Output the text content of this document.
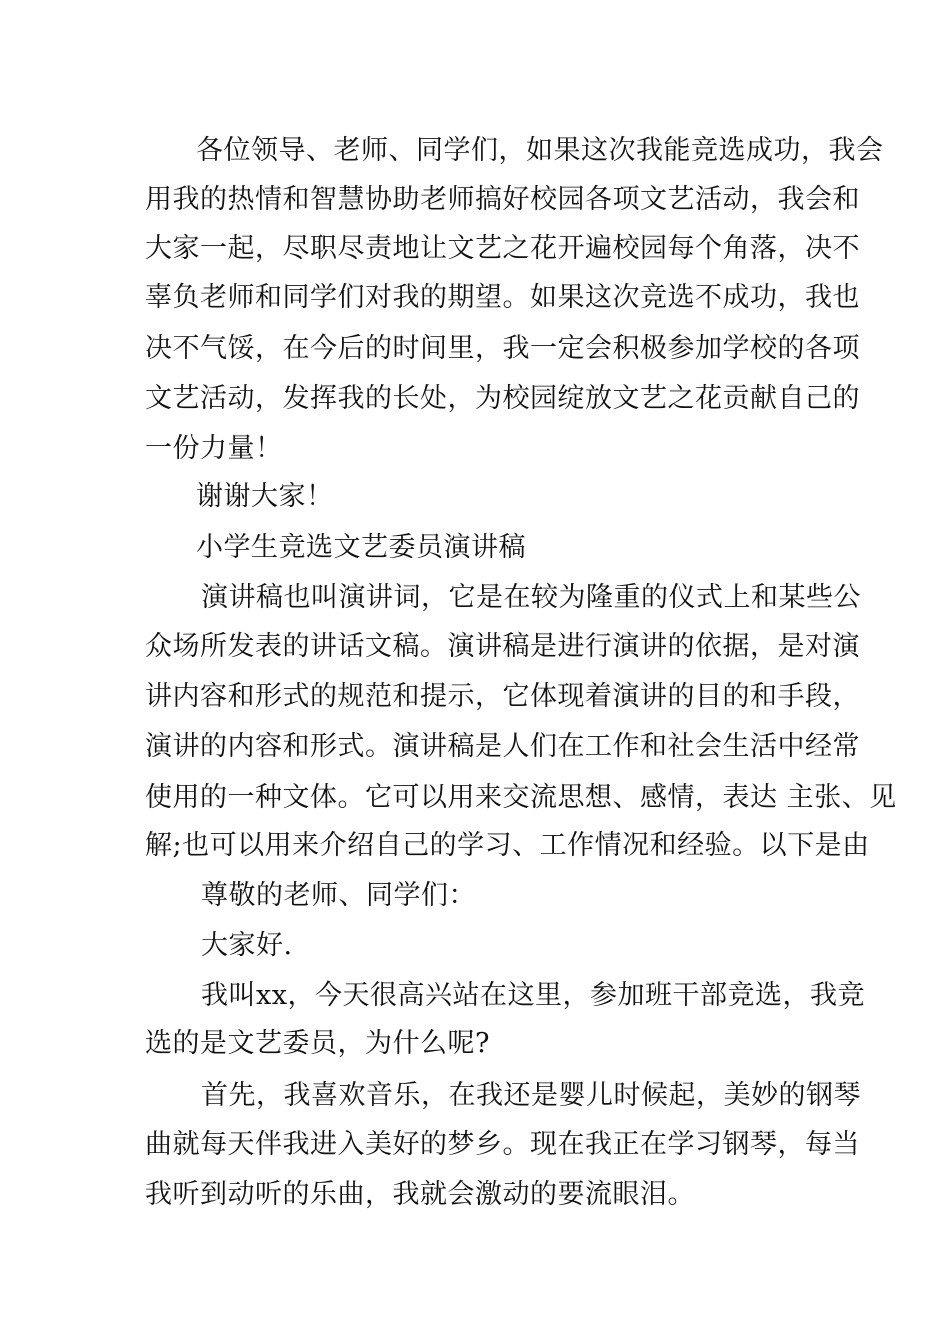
各位领导、老师、同学们，如果这次我能竞选成功，我会
用我的热情和智慧协助老师搞好校园各项文艺活动，我会和
大家一起，尽职尽责地让文艺之花开遍校园每个角落，决不
辜负老师和同学们对我的期望。如果这次竞选不成功，我也
决不气馁，在今后的时间里，我一定会积极参加学校的各项
文艺活动，发挥我的长处，为校园绽放文艺之花贡献自己的
一份力量！
谢谢大家！
小学生竞选文艺委员演讲稿
演讲稿也叫演讲词，它是在较为隆重的仪式上和某些公
众场所发表的讲话文稿。演讲稿是进行演讲的依据，是对演
讲内容和形式的规范和提示，它体现着演讲的目的和手段，
演讲的内容和形式。演讲稿是人们在工作和社会生活中经常
使用的一种文体。它可以用来交流思想、感情，表达 主张、见
解;也可以用来介绍自己的学习、工作情况和经验。以下是由
尊敬的老师、同学们：
大家好.
我叫xx，今天很高兴站在这里，参加班干部竞选，我竞
选的是文艺委员，为什么呢?
首先，我喜欢音乐，在我还是婴儿时候起，美妙的钢琴
曲就每天伴我进入美好的梦乡。现在我正在学习钢琴，每当
我听到动听的乐曲，我就会激动的要流眼泪。
